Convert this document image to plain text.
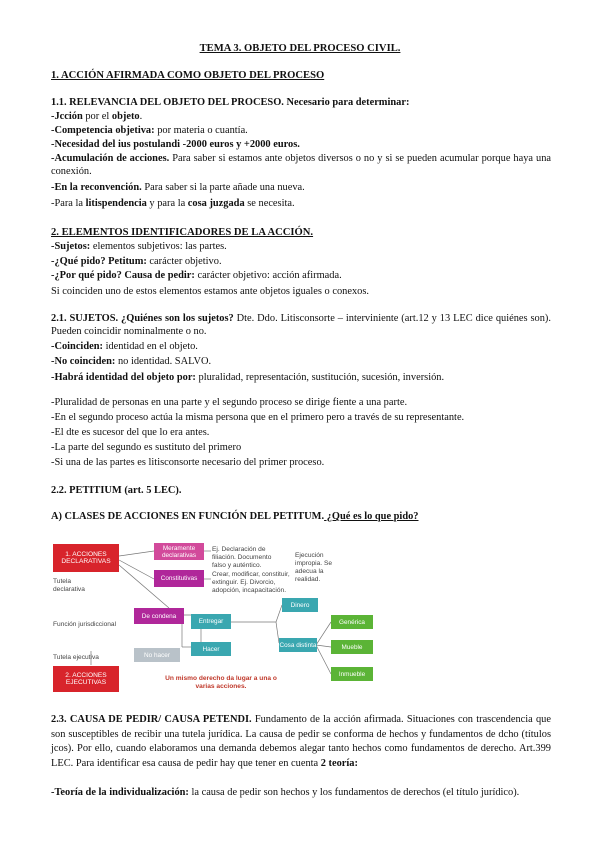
TEMA 3. OBJETO DEL PROCESO CIVIL.
1. ACCIÓN AFIRMADA COMO OBJETO DEL PROCESO
1.1. RELEVANCIA DEL OBJETO DEL PROCESO. Necesario para determinar:
-Jcción por el objeto.
-Competencia objetiva: por materia o cuantía.
-Necesidad del ius postulandi -2000 euros y +2000 euros.
-Acumulación de acciones. Para saber si estamos ante objetos diversos o no y si se pueden acumular porque haya una conexión.
-En la reconvención. Para saber si la parte añade una nueva.
-Para la litispendencia y para la cosa juzgada se necesita.
2. ELEMENTOS IDENTIFICADORES DE LA ACCIÓN.
-Sujetos: elementos subjetivos: las partes.
-¿Qué pido? Petitum: carácter objetivo.
-¿Por qué pido? Causa de pedir: carácter objetivo: acción afirmada.
Si coinciden uno de estos elementos estamos ante objetos iguales o conexos.
2.1. SUJETOS. ¿Quiénes son los sujetos? Dte. Ddo. Litisconsorte – interviniente (art.12 y 13 LEC dice quiénes son). Pueden coincidir nominalmente o no.
-Coinciden: identidad en el objeto.
-No coinciden: no identidad. SALVO.
-Habrá identidad del objeto por: pluralidad, representación, sustitución, sucesión, inversión.
-Pluralidad de personas en una parte y el segundo proceso se dirige fiente a una parte.
-En el segundo proceso actúa la misma persona que en el primero pero a través de su representante.
-El dte es sucesor del que lo era antes.
-La parte del segundo es sustituto del primero
-Si una de las partes es litisconsorte necesario del primer proceso.
2.2. PETITIUM (art. 5 LEC).
A) CLASES DE ACCIONES EN FUNCIÓN DEL PETITUM. ¿Qué es lo que pido?
1. ACCIONES DECLARATIVAS
Tutela declarativa
Función jurisdiccional
Tutela ejecutiva
2. ACCIONES EJECUTIVAS
Meramente declarativas
Constitutivas
Ej. Declaración de filiación. Documento falso y auténtico.
Crear, modificar, constituir, extinguir. Ej. Divorcio, adopción, incapacitación.
Ejecución impropia. Se adecua la realidad.
De condena
No hacer
Entregar
Hacer
Dinero
Cosa distinta
Genérica
Mueble
Inmueble
Un mismo derecho da lugar a una o varias acciones.
2.3. CAUSA DE PEDIR/ CAUSA PETENDI. Fundamento de la acción afirmada. Situaciones con trascendencia que son susceptibles de recibir una tutela jurídica. La causa de pedir se conforma de hechos y fundamentos de dcho (títulos jcos). Por ello, cuando elaboramos una demanda debemos alegar tanto hechos como fundamentos de derecho. Art.399 LEC. Para identificar esa causa de pedir hay que tener en cuenta 2 teoría:
-Teoría de la individualización: la causa de pedir son hechos y los fundamentos de derechos (el título jurídico).
